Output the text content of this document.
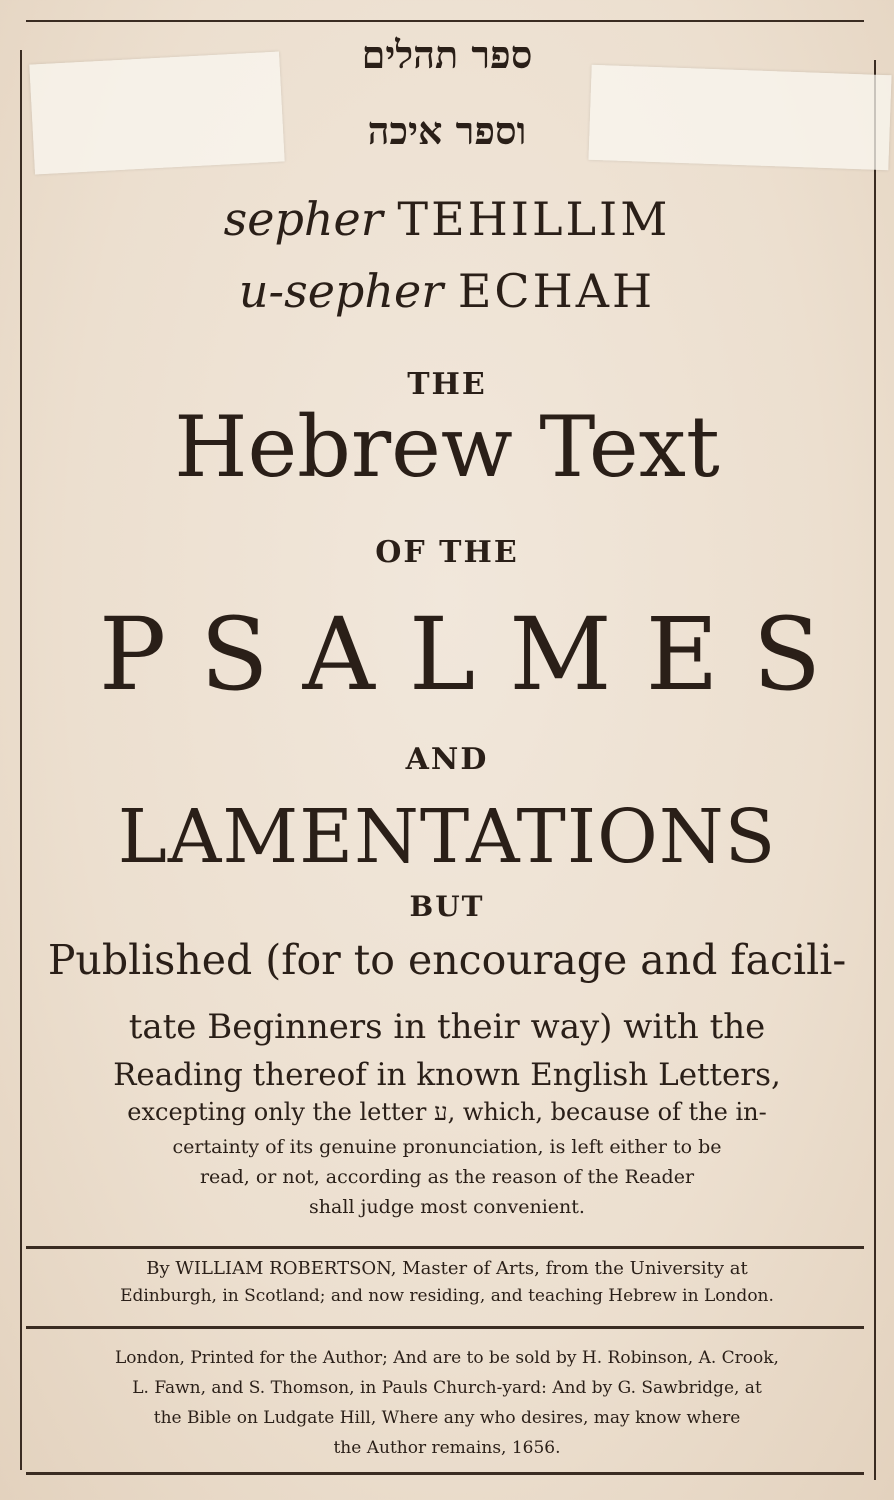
ספר תהלים
וספר איכה
sepher TEHILLIM
u-sepher ECHAH
THE
Hebrew Text
OF THE
PSALMES
AND
LAMENTATIONS
BUT
Published (for to encourage and facili-
tate Beginners in their way) with the
Reading thereof in known English Letters,
excepting only the letter ע, which, because of the in-
certainty of its genuine pronunciation, is left either to be
read, or not, according as the reason of the Reader
shall judge most convenient.
By WILLIAM ROBERTSON, Master of Arts, from the University at
Edinburgh, in Scotland; and now residing, and teaching Hebrew in London.
London, Printed for the Author; And are to be sold by H. Robinson, A. Crook,
L. Fawn, and S. Thomson, in Pauls Church-yard: And by G. Sawbridge, at
the Bible on Ludgate Hill, Where any who desires, may know where
the Author remains, 1656.
